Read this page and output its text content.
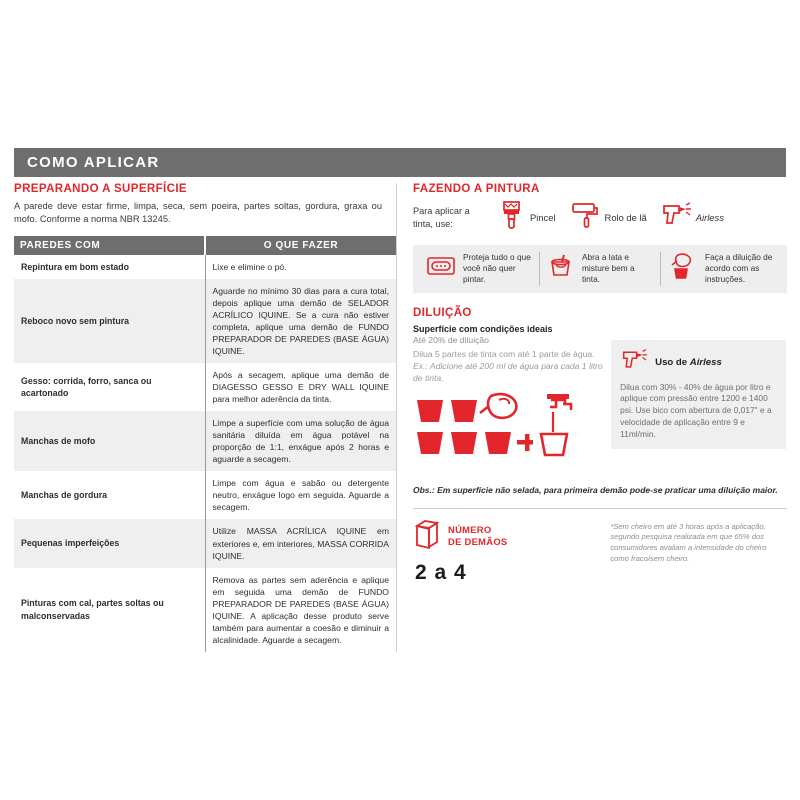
COMO APLICAR
PREPARANDO A SUPERFÍCIE

A parede deve estar firme, limpa, seca, sem poeira, partes soltas, gordura, graxa ou mofo. Conforme a norma NBR 13245.

PAREDES COM	O QUE FAZER
Repintura em bom estado	Lixe e elimine o pó.
Reboco novo sem pintura	Aguarde no mínimo 30 dias para a cura total, depois aplique uma demão de SELADOR ACRÍLICO IQUINE. Se a cura não estiver completa, aplique uma demão de FUNDO PREPARADOR DE PAREDES (BASE ÁGUA) IQUINE.
Gesso: corrida, forro, sanca ou acartonado	Após a secagem, aplique uma demão de DIAGESSO GESSO E DRY WALL IQUINE para melhor aderência da tinta.
Manchas de mofo	Limpe a superfície com uma solução de água sanitária diluída em água potável na proporção de 1:1, enxágue após 2 horas e aguarde a secagem.
Manchas de gordura	Limpe com água e sabão ou detergente neutro, enxágue logo em seguida. Aguarde a secagem.
Pequenas imperfeições	Utilize MASSA ACRÍLICA IQUINE em exteriores e, em interiores, MASSA CORRIDA IQUINE.
Pinturas com cal, partes soltas ou malconservadas	Remova as partes sem aderência e aplique em seguida uma demão de FUNDO PREPARADOR DE PAREDES (BASE ÁGUA) IQUINE. A aplicação desse produto serve também para aumentar a coesão e diminuir a alcalinidade. Aguarde a secagem.
FAZENDO A PINTURA
Para aplicar a tinta, use:
Pincel	Rolo de lã	Airless
Proteja tudo o que você não quer pintar.
Abra a lata e misture bem a tinta.
Faça a diluição de acordo com as instruções.
DILUIÇÃO
Superfície com condições ideais
Até 20% de diluição
Dilua 5 partes de tinta com até 1 parte de água. Ex.: Adicione até 200 ml de água para cada 1 litro de tinta.
Uso de Airless
Dilua com 30% - 40% de água por litro e aplique com pressão entre 1200 e 1400 psi. Use bico com abertura de 0,017" e a velocidade de aplicação entre 9 e 11ml/min.
Obs.: Em superfície não selada, para primeira demão pode-se praticar uma diluição maior.
NÚMERO
DE DEMÃOS
2 a 4
*Sem cheiro em até 3 horas após a aplicação, segundo pesquisa realizada em que 65% dos consumidores avaliam a intensidade do cheiro como fraco/sem cheiro.
